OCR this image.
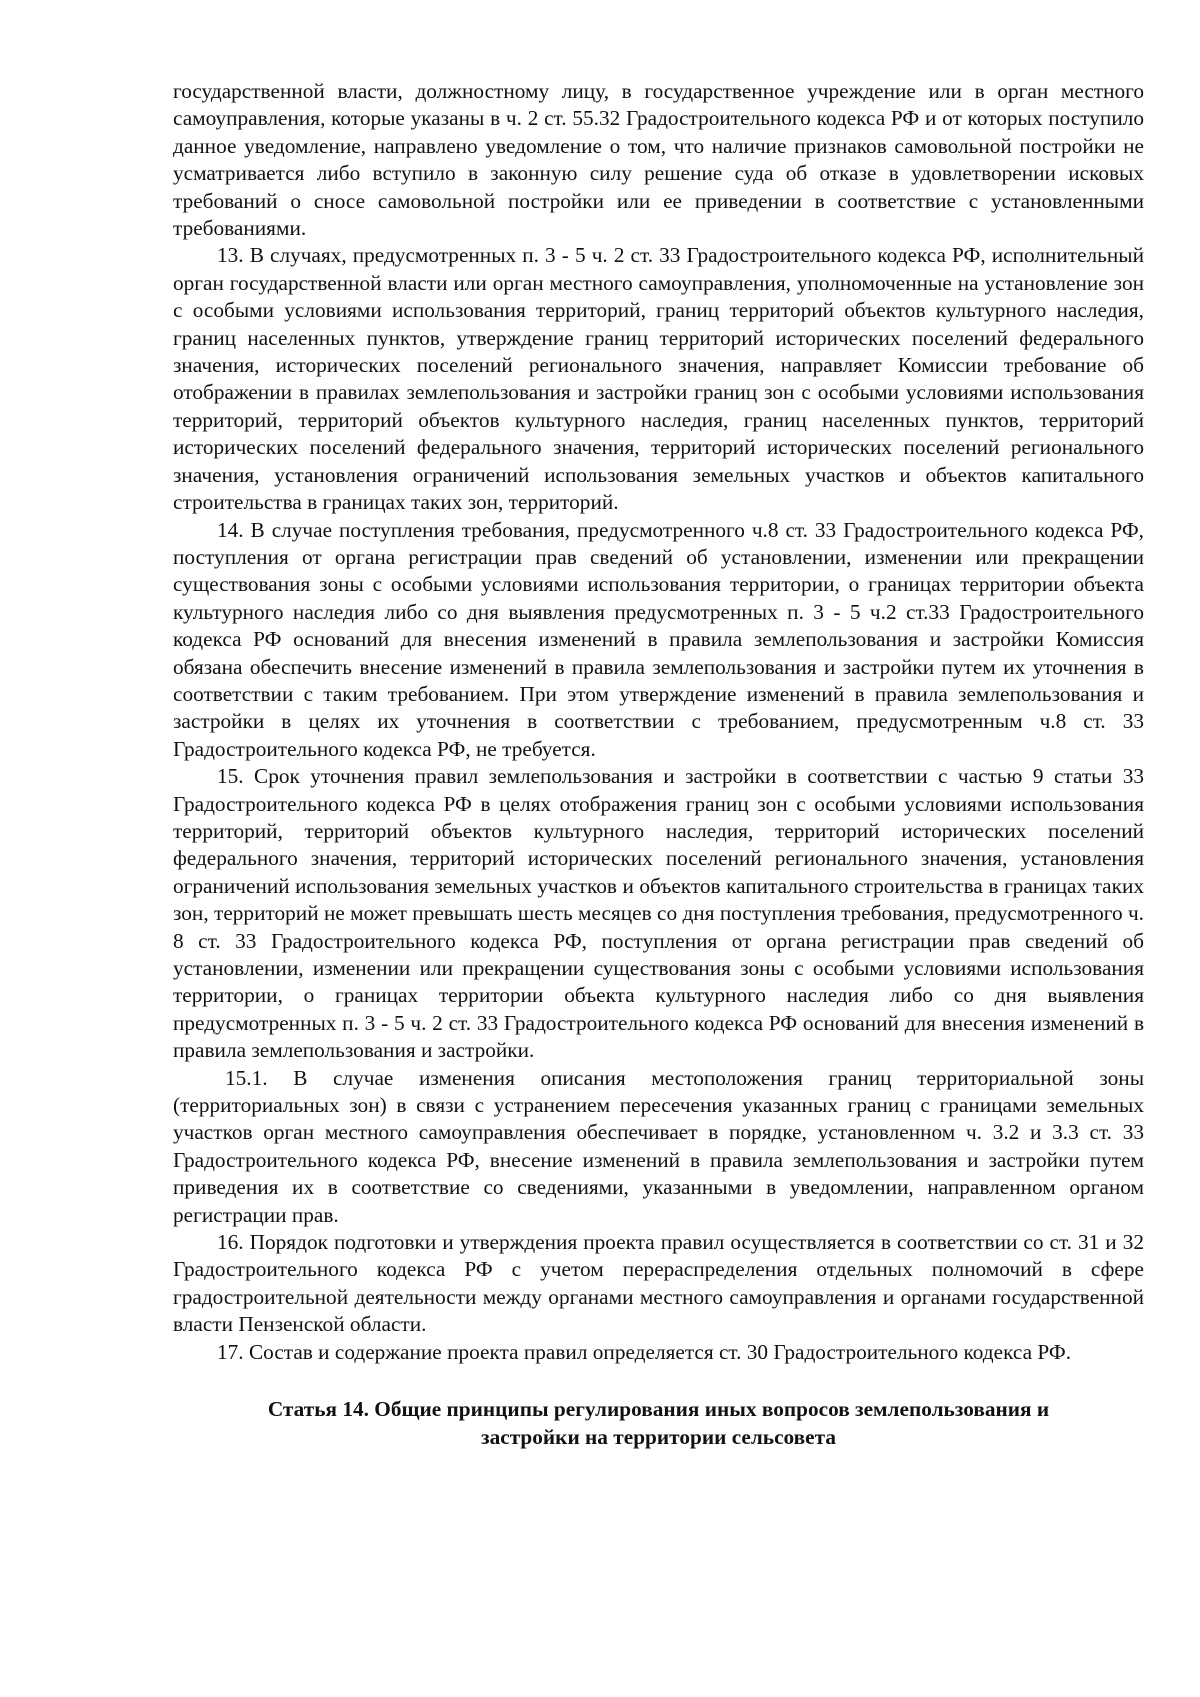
государственной власти, должностному лицу, в государственное учреждение или в орган местного самоуправления, которые указаны в ч. 2 ст. 55.32 Градостроительного кодекса РФ и от которых поступило данное уведомление, направлено уведомление о том, что наличие признаков самовольной постройки не усматривается либо вступило в законную силу решение суда об отказе в удовлетворении исковых требований о сносе самовольной постройки или ее приведении в соответствие с установленными требованиями.

13. В случаях, предусмотренных п. 3 - 5 ч. 2 ст. 33 Градостроительного кодекса РФ, исполнительный орган государственной власти или орган местного самоуправления, уполномоченные на установление зон с особыми условиями использования территорий, границ территорий объектов культурного наследия, границ населенных пунктов, утверждение границ территорий исторических поселений федерального значения, исторических поселений регионального значения, направляет Комиссии требование об отображении в правилах землепользования и застройки границ зон с особыми условиями использования территорий, территорий объектов культурного наследия, границ населенных пунктов, территорий исторических поселений федерального значения, территорий исторических поселений регионального значения, установления ограничений использования земельных участков и объектов капитального строительства в границах таких зон, территорий.

14. В случае поступления требования, предусмотренного ч.8 ст. 33 Градостроительного кодекса РФ, поступления от органа регистрации прав сведений об установлении, изменении или прекращении существования зоны с особыми условиями использования территории, о границах территории объекта культурного наследия либо со дня выявления предусмотренных п. 3 - 5 ч.2 ст.33 Градостроительного кодекса РФ оснований для внесения изменений в правила землепользования и застройки Комиссия обязана обеспечить внесение изменений в правила землепользования и застройки путем их уточнения в соответствии с таким требованием. При этом утверждение изменений в правила землепользования и застройки в целях их уточнения в соответствии с требованием, предусмотренным ч.8 ст. 33 Градостроительного кодекса РФ, не требуется.

15. Срок уточнения правил землепользования и застройки в соответствии с частью 9 статьи 33 Градостроительного кодекса РФ в целях отображения границ зон с особыми условиями использования территорий, территорий объектов культурного наследия, территорий исторических поселений федерального значения, территорий исторических поселений регионального значения, установления ограничений использования земельных участков и объектов капитального строительства в границах таких зон, территорий не может превышать шесть месяцев со дня поступления требования, предусмотренного ч. 8 ст. 33 Градостроительного кодекса РФ, поступления от органа регистрации прав сведений об установлении, изменении или прекращении существования зоны с особыми условиями использования территории, о границах территории объекта культурного наследия либо со дня выявления предусмотренных п. 3 - 5 ч. 2 ст. 33 Градостроительного кодекса РФ оснований для внесения изменений в правила землепользования и застройки.

15.1. В случае изменения описания местоположения границ территориальной зоны (территориальных зон) в связи с устранением пересечения указанных границ с границами земельных участков орган местного самоуправления обеспечивает в порядке, установленном ч. 3.2 и 3.3 ст. 33 Градостроительного кодекса РФ, внесение изменений в правила землепользования и застройки путем приведения их в соответствие со сведениями, указанными в уведомлении, направленном органом регистрации прав.

16. Порядок подготовки и утверждения проекта правил осуществляется в соответствии со ст. 31 и 32 Градостроительного кодекса РФ с учетом перераспределения отдельных полномочий в сфере градостроительной деятельности между органами местного самоуправления и органами государственной власти Пензенской области.

17. Состав и содержание проекта правил определяется ст. 30 Градостроительного кодекса РФ.

Статья 14. Общие принципы регулирования иных вопросов землепользования и
застройки на территории сельсовета
